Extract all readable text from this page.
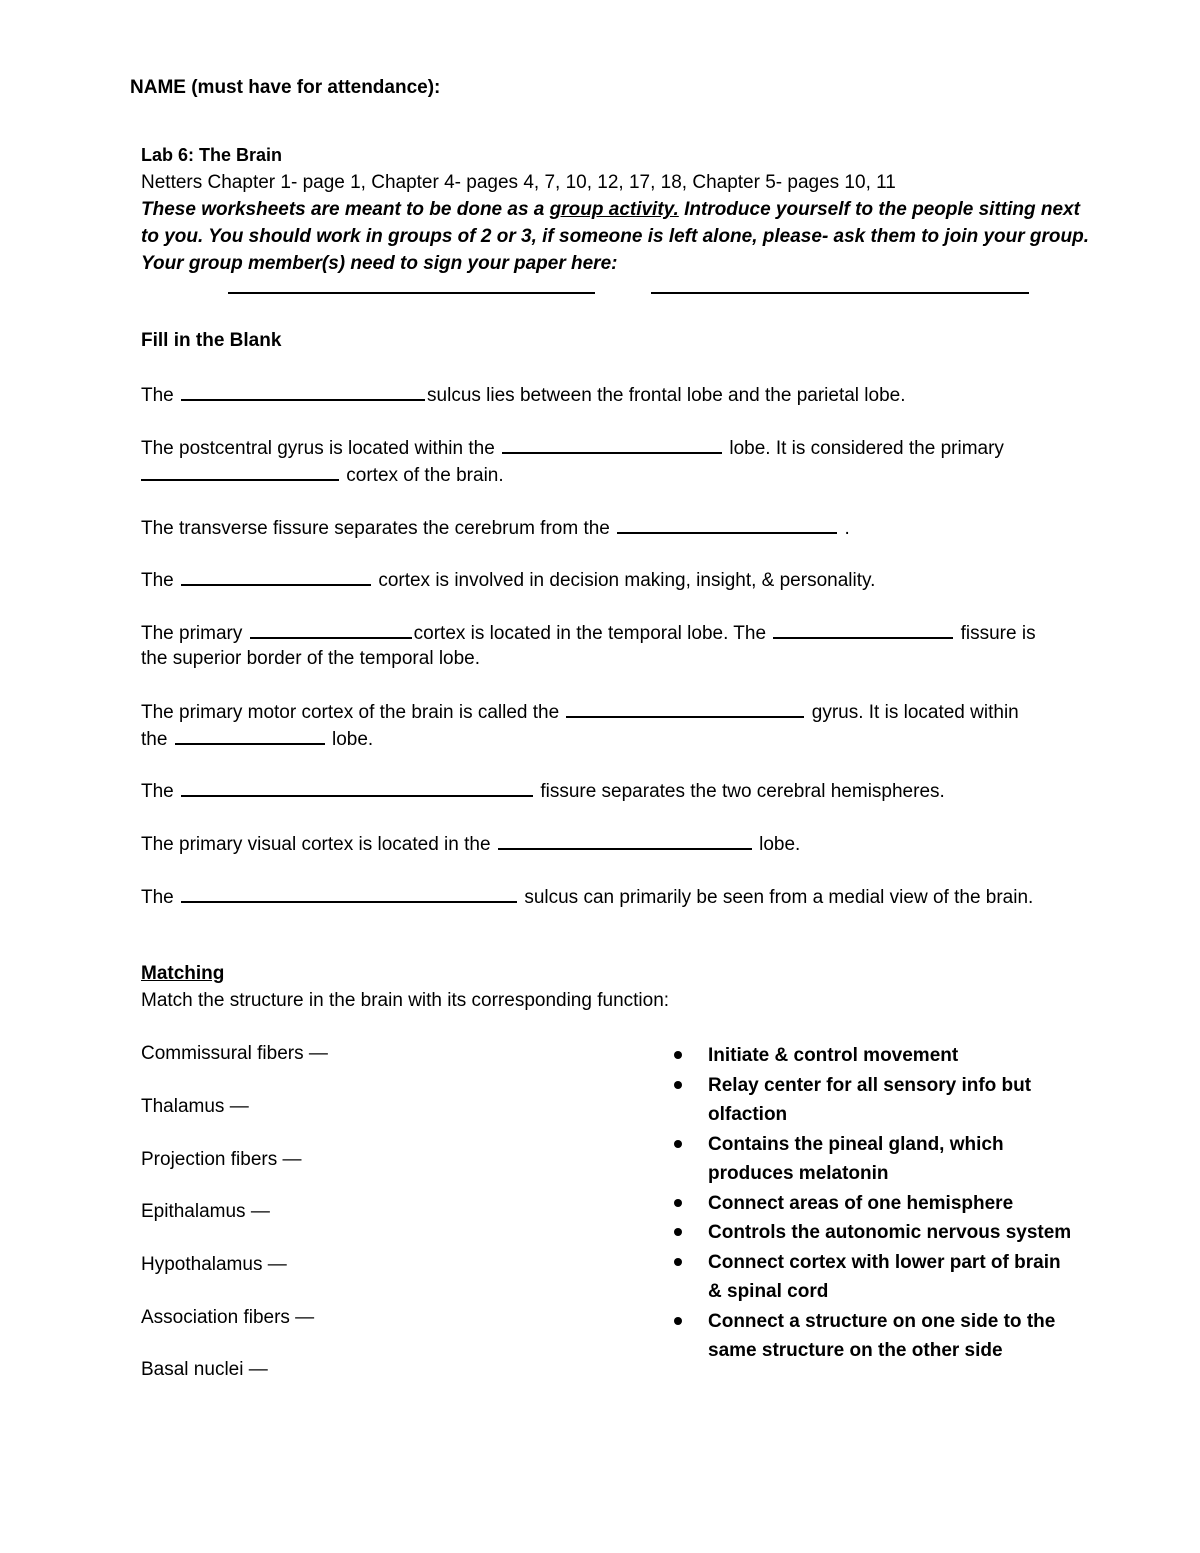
NAME (must have for attendance):
Lab 6: The Brain
Netters Chapter 1- page 1, Chapter 4- pages 4, 7, 10, 12, 17, 18, Chapter 5- pages 10, 11
These worksheets are meant to be done as a group activity. Introduce yourself to the people sitting next
to you. You should work in groups of 2 or 3, if someone is left alone, please- ask them to join your group.
Your group member(s) need to sign your paper here:
Fill in the Blank
The	sulcus lies between the frontal lobe and the parietal lobe.
The postcentral gyrus is located within the	lobe. It is considered the primary
cortex of the brain.
The transverse fissure separates the cerebrum from the	.
The	cortex is involved in decision making, insight, & personality.
The primary	cortex is located in the temporal lobe. The	fissure is
the superior border of the temporal lobe.
The primary motor cortex of the brain is called the	gyrus. It is located within
the	lobe.
The	fissure separates the two cerebral hemispheres.
The primary visual cortex is located in the	lobe.
The	sulcus can primarily be seen from a medial view of the brain.
Matching
Match the structure in the brain with its corresponding function:
Commissural fibers —
Thalamus —
Projection fibers —
Epithalamus —
Hypothalamus —
Association fibers —
Basal nuclei —
Initiate & control movement
Relay center for all sensory info but olfaction
Contains the pineal gland, which produces melatonin
Connect areas of one hemisphere
Controls the autonomic nervous system
Connect cortex with lower part of brain & spinal cord
Connect a structure on one side to the same structure on the other side
